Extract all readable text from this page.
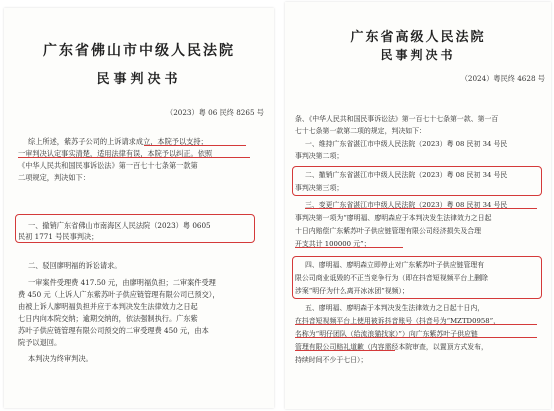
广东省佛山市中级人民法院
民事判决书
（2023）粤 06 民终 8265 号
综上所述，紫苏子公司的上诉请求成立，本院予以支持；
一审判决认定事实清楚，适用法律有误，本院予以纠正。依照
《中华人民共和国民事诉讼法》第一百七十七条第一款第
二项规定，判决如下：
一、撤销广东省佛山市南海区人民法院（2023）粤 0605
民初 1771 号民事判决；
二、驳回廖明福的诉讼请求。
一审案件受理费 417.50 元，由廖明福负担；二审案件受理
费 450 元（上诉人广东紫苏叶子供应链管理有限公司已预交），
由被上诉人廖明福负担并应于本判决发生法律效力之日起
七日内向本院交纳；逾期交纳的，依法强制执行。广东紫
苏叶子供应链管理有限公司预交的二审受理费 450 元，由本
院予以退回。
本判决为终审判决。
广东省高级人民法院
民事判决书
（2024）粤民终 4628 号
条、《中华人民共和国民事诉讼法》第一百七十七条第一款、第一百
七十七条第一款第二项的规定，判决如下：
一、维持广东省湛江市中级人民法院（2023）粤 08 民初 34 号民
事判决第二项；
二、撤销广东省湛江市中级人民法院（2023）粤 08 民初 34 号民
事判决第三项；
三、变更广东省湛江市中级人民法院（2023）粤 08 民初 34 号民
事判决第一项为“廖明福、廖明森应于本判决发生法律效力之日起
十日内赔偿广东紫苏叶子供应链管理有限公司经济损失及合理
开支共计 100000 元”；
四、廖明福、廖明森立即停止对广东紫苏叶子供应链管理有
限公司商业诋毁的不正当竞争行为（即在抖音短视频平台上删除
涉案“明仔为什么离开冰冰团”视频）；
五、廖明福、廖明森于本判决发生法律效力之日起十日内，
在抖音短视频平台上使用被诉抖音账号（抖音号为“MZTD0958”，
名称为“明仔团队（给流浪猫找家）”）向广东紫苏叶子供应链
管理有限公司赔礼道歉（内容需经本院审查，以置顶方式发布，
持续时间不少于七日）；
